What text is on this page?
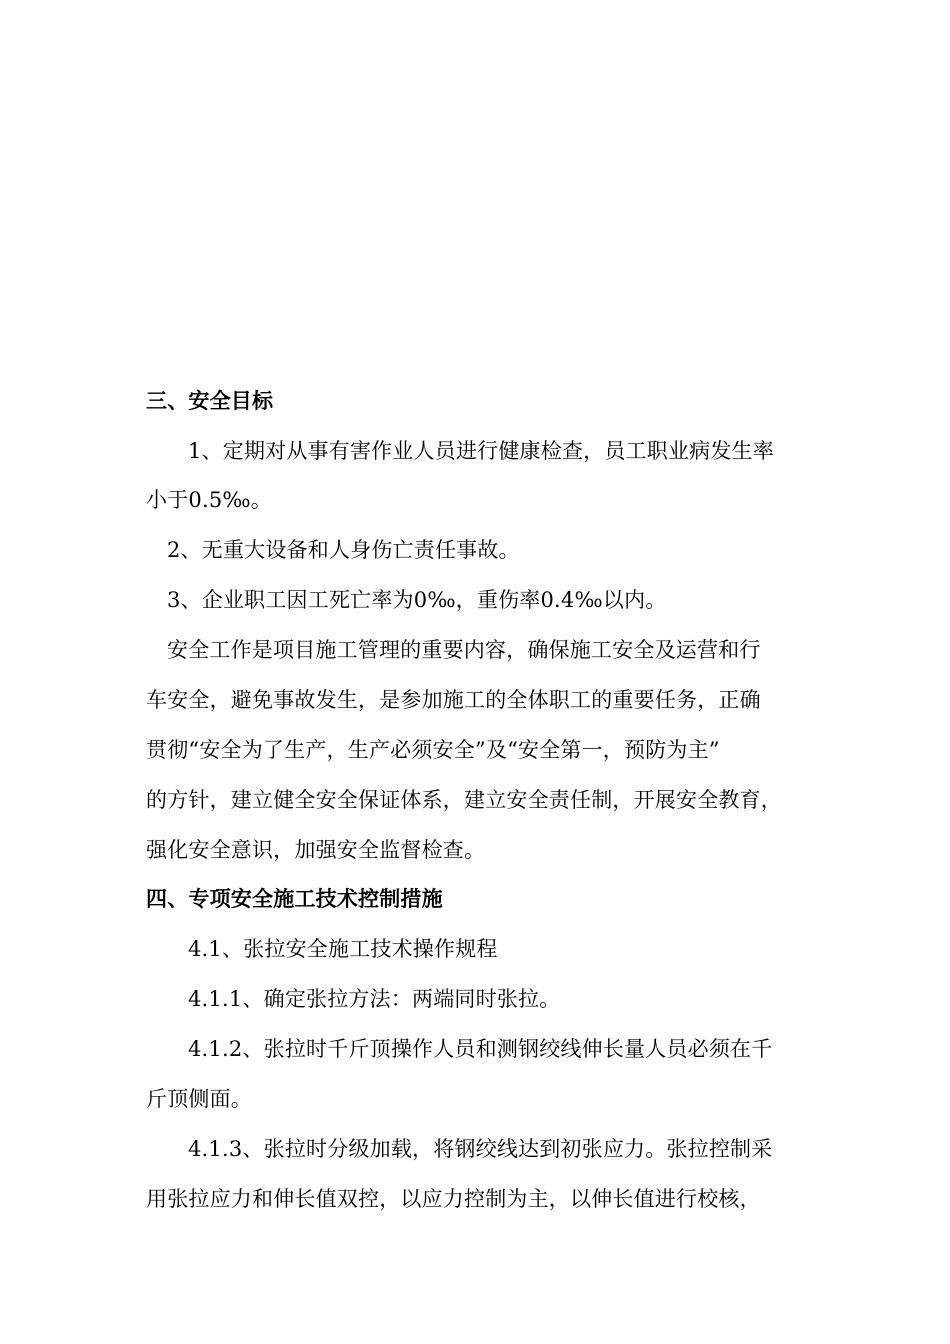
三、安全目标
1、定期对从事有害作业人员进行健康检查，员工职业病发生率
小于0.5‰。
2、无重大设备和人身伤亡责任事故。
3、企业职工因工死亡率为0‰，重伤率0.4‰以内。
安全工作是项目施工管理的重要内容，确保施工安全及运营和行
车安全，避免事故发生，是参加施工的全体职工的重要任务，正确
贯彻“安全为了生产，生产必须安全”及“安全第一，预防为主”
的方针，建立健全安全保证体系，建立安全责任制，开展安全教育，
强化安全意识，加强安全监督检查。
四、专项安全施工技术控制措施
4.1、张拉安全施工技术操作规程
4.1.1、确定张拉方法：两端同时张拉。
4.1.2、张拉时千斤顶操作人员和测钢绞线伸长量人员必须在千
斤顶侧面。
4.1.3、张拉时分级加载，将钢绞线达到初张应力。张拉控制采
用张拉应力和伸长值双控，以应力控制为主，以伸长值进行校核，
